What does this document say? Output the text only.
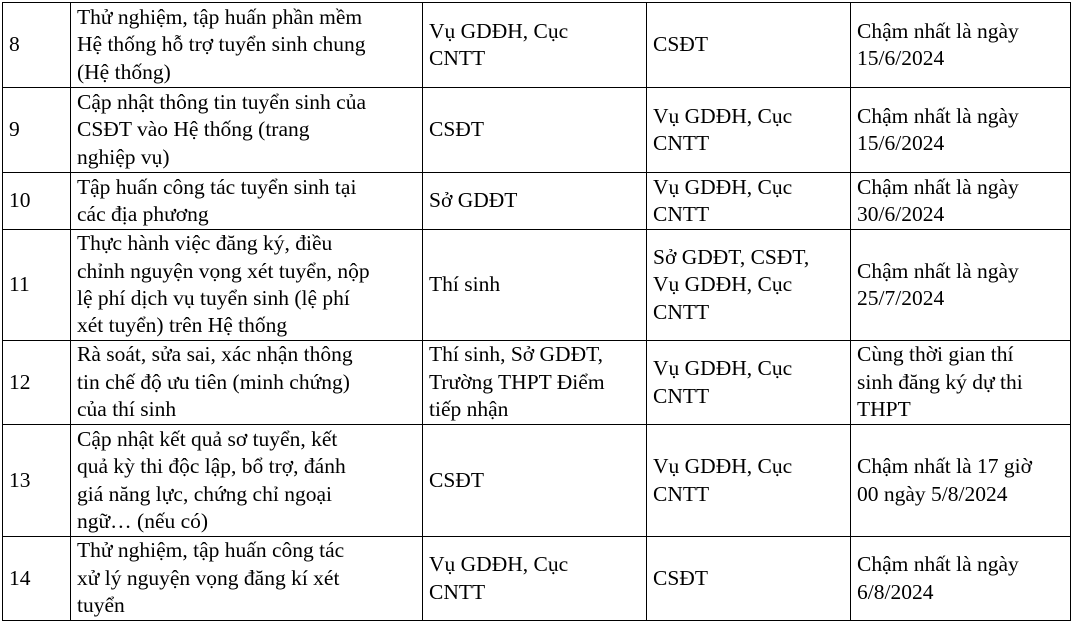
8	Thử nghiệm, tập huấn phần mềm
Hệ thống hỗ trợ tuyển sinh chung
(Hệ thống)	Vụ GDĐH, Cục
CNTT	CSĐT	Chậm nhất là ngày
15/6/2024
9	Cập nhật thông tin tuyển sinh của
CSĐT vào Hệ thống (trang
nghiệp vụ)	CSĐT	Vụ GDĐH, Cục
CNTT	Chậm nhất là ngày
15/6/2024
10	Tập huấn công tác tuyển sinh tại
các địa phương	Sở GDĐT	Vụ GDĐH, Cục
CNTT	Chậm nhất là ngày
30/6/2024
11	Thực hành việc đăng ký, điều
chỉnh nguyện vọng xét tuyển, nộp
lệ phí dịch vụ tuyển sinh (lệ phí
xét tuyển) trên Hệ thống	Thí sinh	Sở GDĐT, CSĐT,
Vụ GDĐH, Cục
CNTT	Chậm nhất là ngày
25/7/2024
12	Rà soát, sửa sai, xác nhận thông
tin chế độ ưu tiên (minh chứng)
của thí sinh	Thí sinh, Sở GDĐT,
Trường THPT Điểm
tiếp nhận	Vụ GDĐH, Cục
CNTT	Cùng thời gian thí
sinh đăng ký dự thi
THPT
13	Cập nhật kết quả sơ tuyển, kết
quả kỳ thi độc lập, bổ trợ, đánh
giá năng lực, chứng chỉ ngoại
ngữ… (nếu có)	CSĐT	Vụ GDĐH, Cục
CNTT	Chậm nhất là 17 giờ
00 ngày 5/8/2024
14	Thử nghiệm, tập huấn công tác
xử lý nguyện vọng đăng kí xét
tuyển	Vụ GDĐH, Cục
CNTT	CSĐT	Chậm nhất là ngày
6/8/2024
